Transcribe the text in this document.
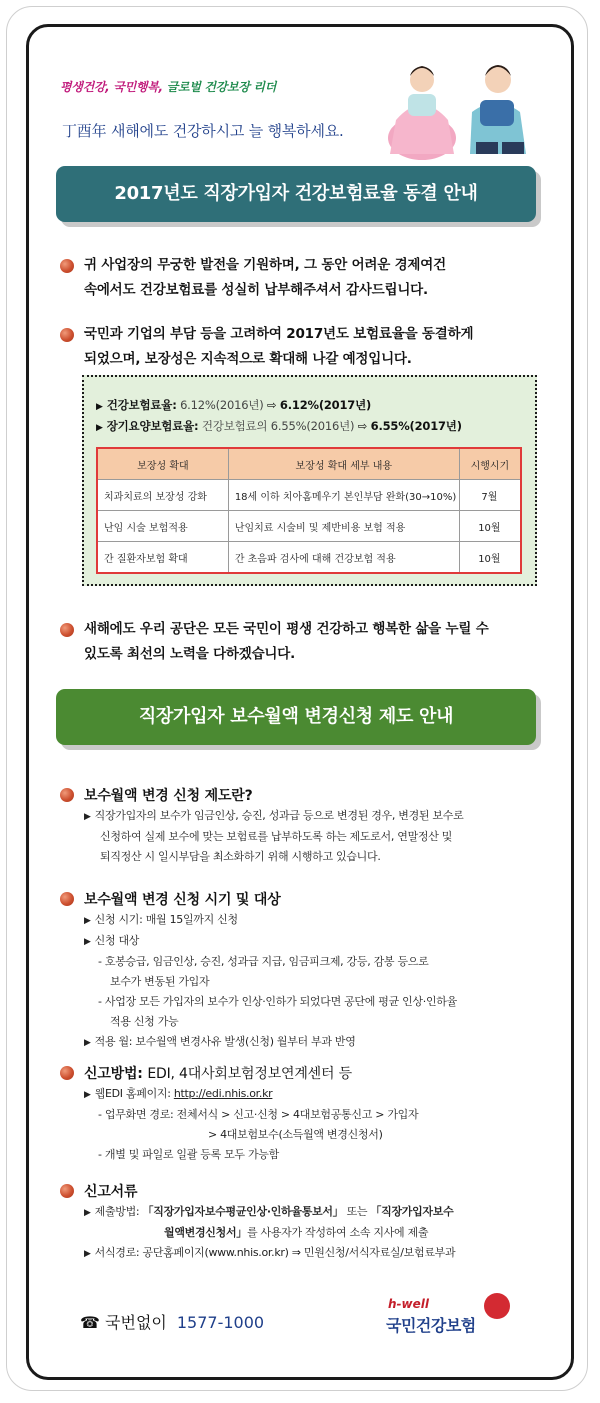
평생건강, 국민행복, 글로벌 건강보장 리더
丁酉年 새해에도 건강하시고 늘 행복하세요.
2017년도 직장가입자 건강보험료율 동결 안내
귀 사업장의 무궁한 발전을 기원하며, 그 동안 어려운 경제여건
속에서도 건강보험료를 성실히 납부해주셔서 감사드립니다.
국민과 기업의 부담 등을 고려하여 2017년도 보험료율을 동결하게
되었으며, 보장성은 지속적으로 확대해 나갈 예정입니다.
▶ 건강보험료율: 6.12%(2016년) ⇨ 6.12%(2017년)
▶ 장기요양보험료율: 건강보험료의 6.55%(2016년) ⇨ 6.55%(2017년)
보장성 확대	보장성 확대 세부 내용	시행시기
치과치료의 보장성 강화	18세 이하 치아홈메우기 본인부담 완화(30→10%)	7월
난임 시술 보험적용	난임치료 시술비 및 제반비용 보험 적용	10월
간 질환자보험 확대	간 초음파 검사에 대해 건강보험 적용	10월
새해에도 우리 공단은 모든 국민이 평생 건강하고 행복한 삶을 누릴 수
있도록 최선의 노력을 다하겠습니다.
직장가입자 보수월액 변경신청 제도 안내
보수월액 변경 신청 제도란?
▶ 직장가입자의 보수가 임금인상, 승진, 성과급 등으로 변경된 경우, 변경된 보수로
신청하여 실제 보수에 맞는 보험료를 납부하도록 하는 제도로서, 연말정산 및
퇴직정산 시 일시부담을 최소화하기 위해 시행하고 있습니다.
보수월액 변경 신청 시기 및 대상
▶ 신청 시기: 매월 15일까지 신청
▶ 신청 대상
- 호봉승급, 임금인상, 승진, 성과급 지급, 임금피크제, 강등, 감봉 등으로
보수가 변동된 가입자
- 사업장 모든 가입자의 보수가 인상·인하가 되었다면 공단에 평균 인상·인하율
적용 신청 가능
▶ 적용 월: 보수월액 변경사유 발생(신청) 월부터 부과 반영
신고방법: EDI, 4대사회보험정보연계센터 등
▶ 웹EDI 홈페이지: http://edi.nhis.or.kr
- 업무화면 경로: 전체서식 > 신고·신청 > 4대보험공통신고 > 가입자
> 4대보험보수(소득월액 변경신청서)
- 개별 및 파일로 일괄 등록 모두 가능함
신고서류
▶ 제출방법: 「직장가입자보수평균인상·인하율통보서」 또는 「직장가입자보수
월액변경신청서」를 사용자가 작성하여 소속 지사에 제출
▶ 서식경로: 공단홈페이지(www.nhis.or.kr) ⇒ 민원신청/서식자료실/보험료부과
☎ 국번없이 1577-1000
h-well
국민건강보험
